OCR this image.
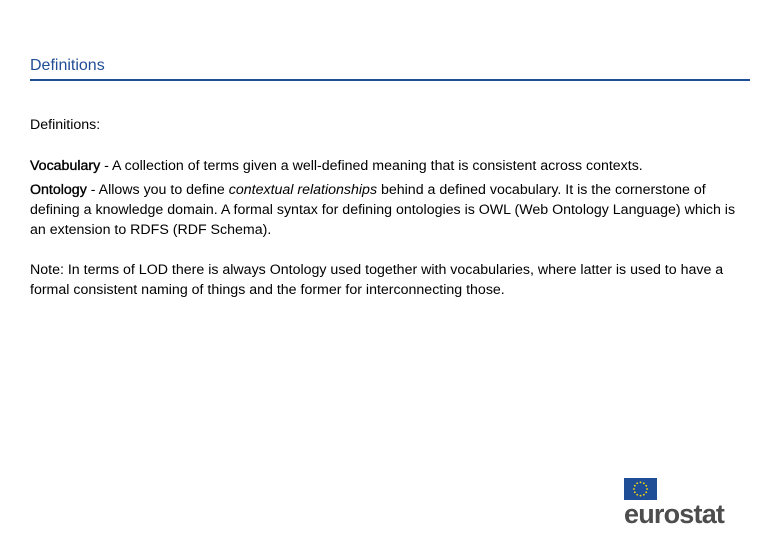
Definitions

Definitions:

Vocabulary - A collection of terms given a well-defined meaning that is consistent across contexts.

Ontology - Allows you to define contextual relationships behind a defined vocabulary. It is the cornerstone of defining a knowledge domain. A formal syntax for defining ontologies is OWL (Web Ontology Language) which is an extension to RDFS (RDF Schema).

Note: In terms of LOD there is always Ontology used together with vocabularies, where latter is used to have a formal consistent naming of things and the former for interconnecting those.

eurostat
